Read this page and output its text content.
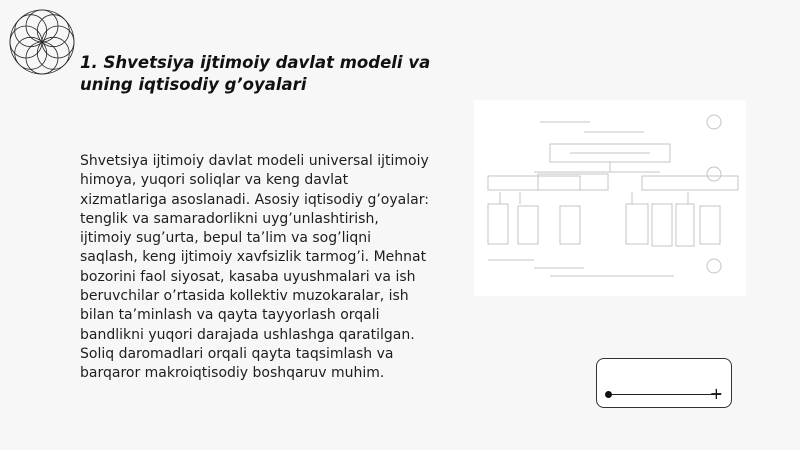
1. Shvetsiya ijtimoiy davlat modeli va uning iqtisodiy g’oyalari

Shvetsiya ijtimoiy davlat modeli universal ijtimoiy himoya, yuqori soliqlar va keng davlat xizmatlariga asoslanadi. Asosiy iqtisodiy g’oyalar: tenglik va samaradorlikni uyg’unlashtirish, ijtimoiy sug’urta, bepul ta’lim va sog’liqni saqlash, keng ijtimoiy xavfsizlik tarmog’i. Mehnat bozorini faol siyosat, kasaba uyushmalari va ish beruvchilar o’rtasida kollektiv muzokaralar, ish bilan ta’minlash va qayta tayyorlash orqali bandlikni yuqori darajada ushlashga qaratilgan. Soliq daromadlari orqali qayta taqsimlash va barqaror makroiqtisodiy boshqaruv muhim.

+
